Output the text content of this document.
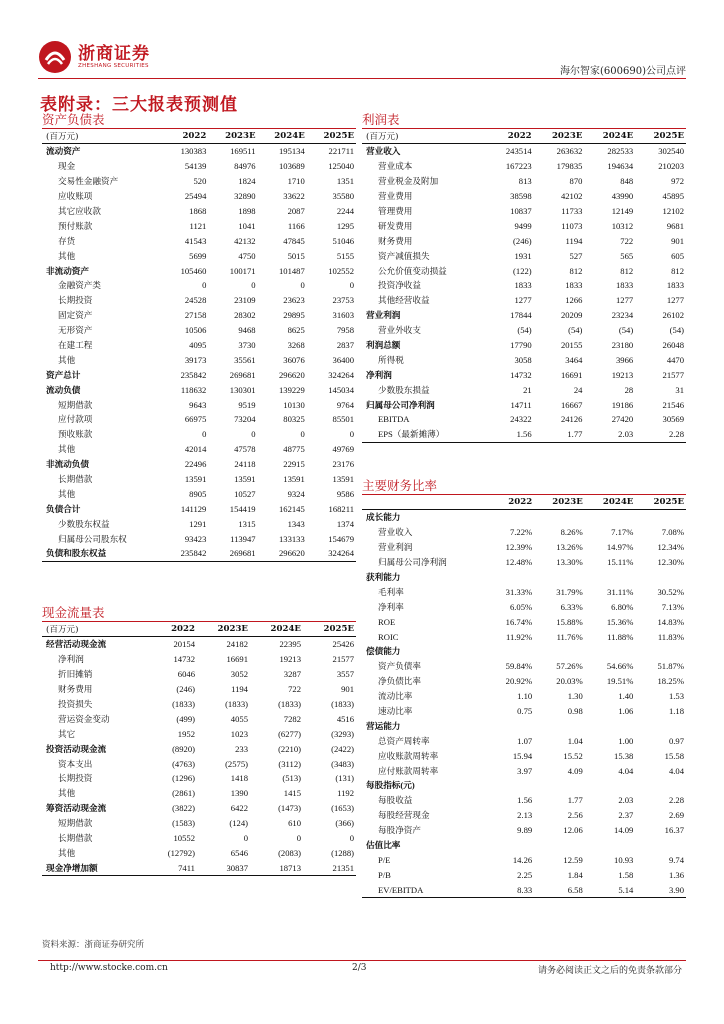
浙商证券
ZHESHANG SECURITIES	海尔智家(600690)公司点评
表附录：三大报表预测值
资产负债表
(百万元)	2022	2023E	2024E	2025E
流动资产	130383	169511	195134	221711
现金	54139	84976	103689	125040
交易性金融资产	520	1824	1710	1351
应收账项	25494	32890	33622	35580
其它应收款	1868	1898	2087	2244
预付账款	1121	1041	1166	1295
存货	41543	42132	47845	51046
其他	5699	4750	5015	5155
非流动资产	105460	100171	101487	102552
金融资产类	0	0	0	0
长期投资	24528	23109	23623	23753
固定资产	27158	28302	29895	31603
无形资产	10506	9468	8625	7958
在建工程	4095	3730	3268	2837
其他	39173	35561	36076	36400
资产总计	235842	269681	296620	324264
流动负债	118632	130301	139229	145034
短期借款	9643	9519	10130	9764
应付款项	66975	73204	80325	85501
预收账款	0	0	0	0
其他	42014	47578	48775	49769
非流动负债	22496	24118	22915	23176
长期借款	13591	13591	13591	13591
其他	8905	10527	9324	9586
负债合计	141129	154419	162145	168211
少数股东权益	1291	1315	1343	1374
归属母公司股东权	93423	113947	133133	154679
负债和股东权益	235842	269681	296620	324264
现金流量表
(百万元)	2022	2023E	2024E	2025E
经营活动现金流	20154	24182	22395	25426
净利润	14732	16691	19213	21577
折旧摊销	6046	3052	3287	3557
财务费用	(246)	1194	722	901
投资损失	(1833)	(1833)	(1833)	(1833)
营运资金变动	(499)	4055	7282	4516
其它	1952	1023	(6277)	(3293)
投资活动现金流	(8920)	233	(2210)	(2422)
资本支出	(4763)	(2575)	(3112)	(3483)
长期投资	(1296)	1418	(513)	(131)
其他	(2861)	1390	1415	1192
筹资活动现金流	(3822)	6422	(1473)	(1653)
短期借款	(1583)	(124)	610	(366)
长期借款	10552	0	0	0
其他	(12792)	6546	(2083)	(1288)
现金净增加额	7411	30837	18713	21351
利润表
(百万元)	2022	2023E	2024E	2025E
营业收入	243514	263632	282533	302540
营业成本	167223	179835	194634	210203
营业税金及附加	813	870	848	972
营业费用	38598	42102	43990	45895
管理费用	10837	11733	12149	12102
研发费用	9499	11073	10312	9681
财务费用	(246)	1194	722	901
资产减值损失	1931	527	565	605
公允价值变动损益	(122)	812	812	812
投资净收益	1833	1833	1833	1833
其他经营收益	1277	1266	1277	1277
营业利润	17844	20209	23234	26102
营业外收支	(54)	(54)	(54)	(54)
利润总额	17790	20155	23180	26048
所得税	3058	3464	3966	4470
净利润	14732	16691	19213	21577
少数股东损益	21	24	28	31
归属母公司净利润	14711	16667	19186	21546
EBITDA	24322	24126	27420	30569
EPS（最新摊薄）	1.56	1.77	2.03	2.28
主要财务比率
	2022	2023E	2024E	2025E
成长能力				
营业收入	7.22%	8.26%	7.17%	7.08%
营业利润	12.39%	13.26%	14.97%	12.34%
归属母公司净利润	12.48%	13.30%	15.11%	12.30%
获利能力				
毛利率	31.33%	31.79%	31.11%	30.52%
净利率	6.05%	6.33%	6.80%	7.13%
ROE	16.74%	15.88%	15.36%	14.83%
ROIC	11.92%	11.76%	11.88%	11.83%
偿债能力				
资产负债率	59.84%	57.26%	54.66%	51.87%
净负债比率	20.92%	20.03%	19.51%	18.25%
流动比率	1.10	1.30	1.40	1.53
速动比率	0.75	0.98	1.06	1.18
营运能力				
总资产周转率	1.07	1.04	1.00	0.97
应收账款周转率	15.94	15.52	15.38	15.58
应付账款周转率	3.97	4.09	4.04	4.04
每股指标(元)				
每股收益	1.56	1.77	2.03	2.28
每股经营现金	2.13	2.56	2.37	2.69
每股净资产	9.89	12.06	14.09	16.37
估值比率				
P/E	14.26	12.59	10.93	9.74
P/B	2.25	1.84	1.58	1.36
EV/EBITDA	8.33	6.58	5.14	3.90
资料来源：浙商证券研究所
http://www.stocke.com.cn	2/3	请务必阅读正文之后的免责条款部分
